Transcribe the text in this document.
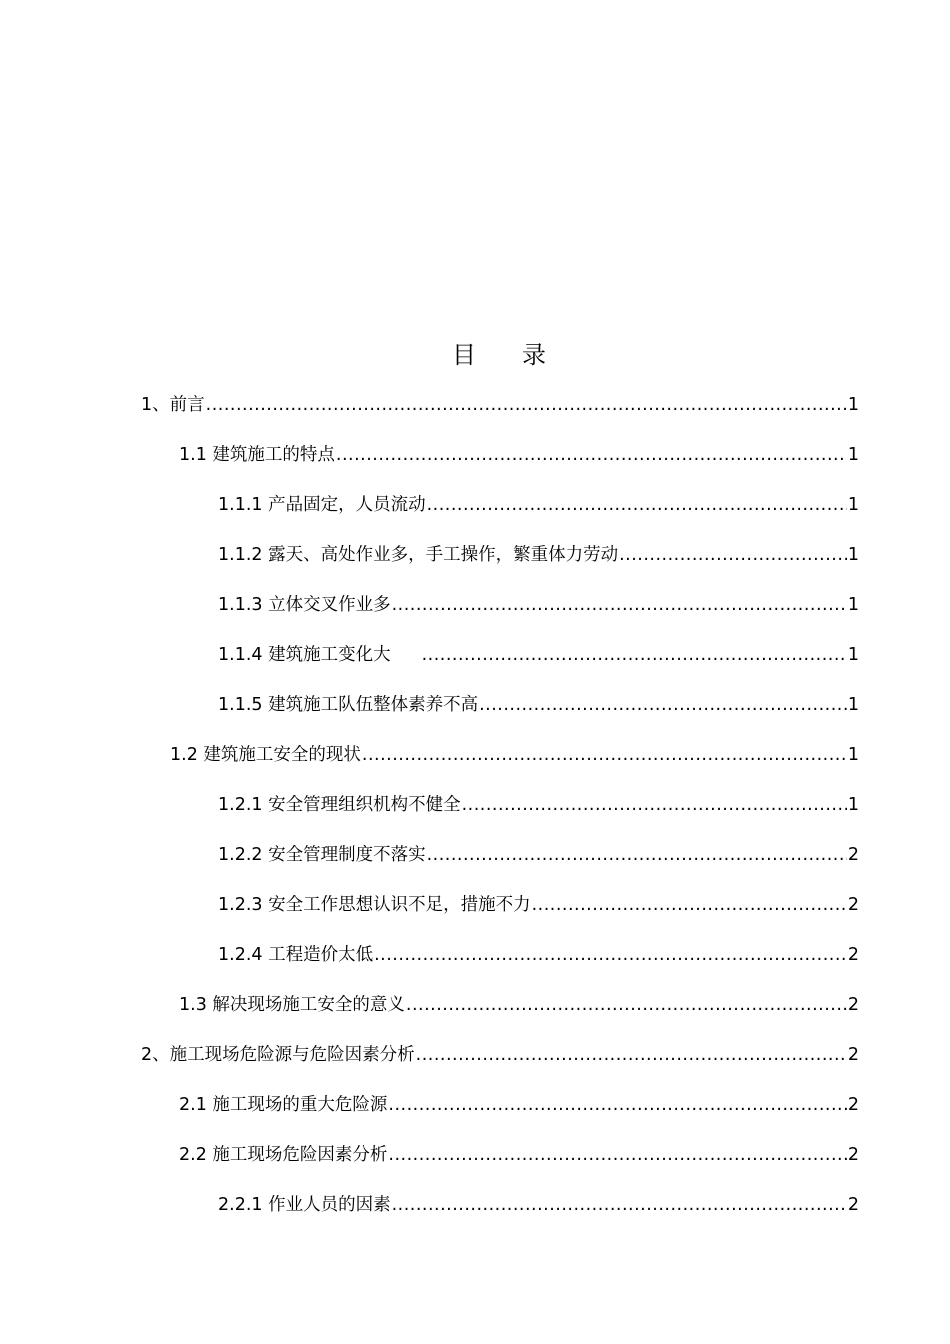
目 录
1、前言 .....	1
1.1 建筑施工的特点 .....	1
1.1.1 产品固定，人员流动 .....	1
1.1.2 露天、高处作业多，手工操作，繁重体力劳动 .....	1
1.1.3 立体交叉作业多 .....	1
1.1.4 建筑施工变化大 .....	1
1.1.5 建筑施工队伍整体素养不高 .....	1
1.2 建筑施工安全的现状 .....	1
1.2.1 安全管理组织机构不健全 .....	1
1.2.2 安全管理制度不落实 .....	2
1.2.3 安全工作思想认识不足，措施不力 .....	2
1.2.4 工程造价太低 .....	2
1.3 解决现场施工安全的意义 .....	2
2、施工现场危险源与危险因素分析 .....	2
2.1 施工现场的重大危险源 .....	2
2.2 施工现场危险因素分析 .....	2
2.2.1 作业人员的因素 .....	2
